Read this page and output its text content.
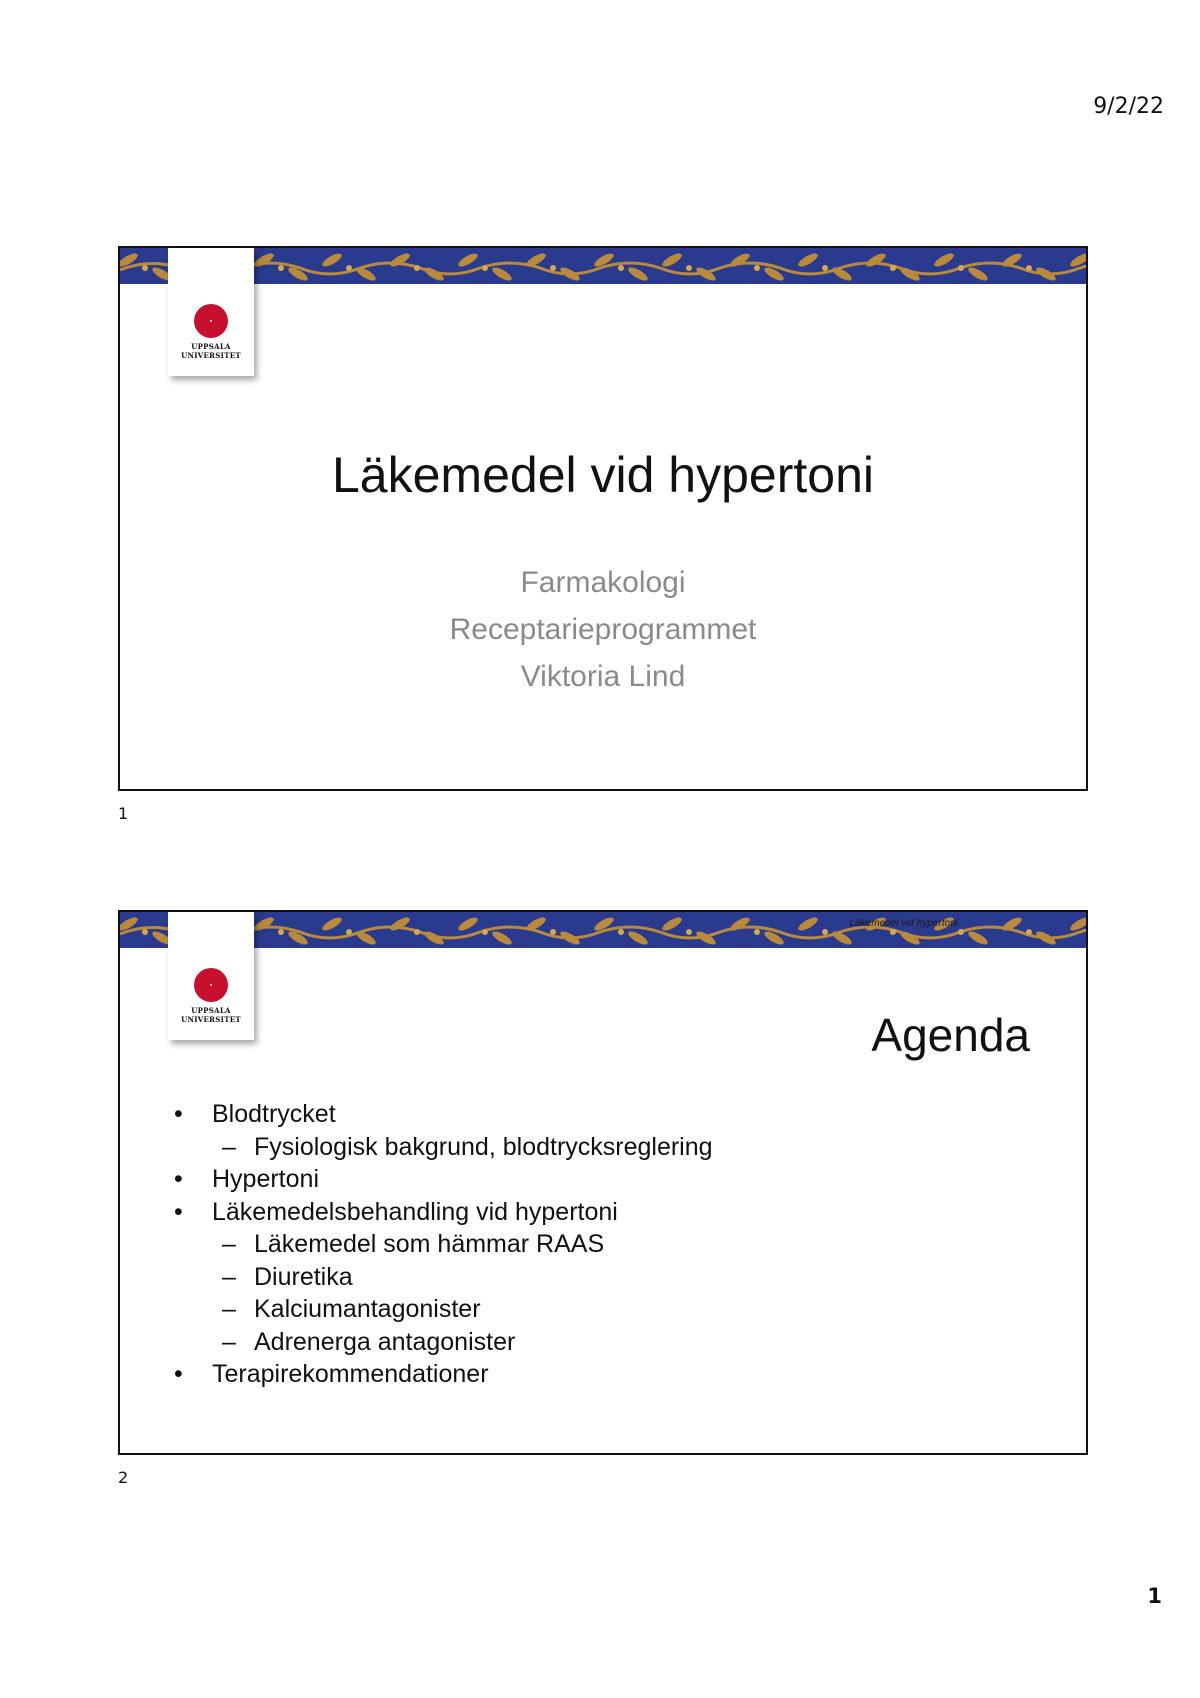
9/2/22
UPPSALA
UNIVERSITET
Läkemedel vid hypertoni
Farmakologi
Receptarieprogrammet
Viktoria Lind
1
Läkemedel vid hypertoni
UPPSALA
UNIVERSITET	Agenda
• Blodtrycket
– Fysiologisk bakgrund, blodtrycksreglering
• Hypertoni
• Läkemedelsbehandling vid hypertoni
– Läkemedel som hämmar RAAS
– Diuretika
– Kalciumantagonister
– Adrenerga antagonister
• Terapirekommendationer
2
1
